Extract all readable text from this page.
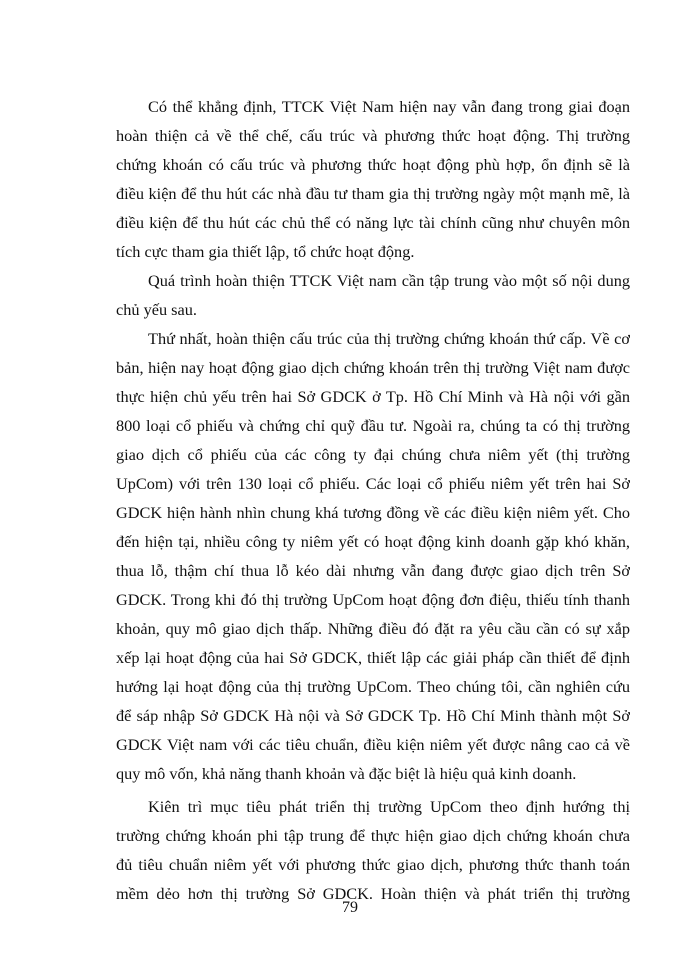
Có thể khẳng định, TTCK Việt Nam hiện nay vẫn đang trong giai đoạn
hoàn thiện cả về thể chế, cấu trúc và phương thức hoạt động. Thị trường
chứng khoán có cấu trúc và phương thức hoạt động phù hợp, ổn định sẽ là
điều kiện để thu hút các nhà đầu tư tham gia thị trường ngày một mạnh mẽ, là
điều kiện để thu hút các chủ thể có năng lực tài chính cũng như chuyên môn
tích cực tham gia thiết lập, tổ chức hoạt động.

Quá trình hoàn thiện TTCK Việt nam cần tập trung vào một số nội dung
chủ yếu sau.

Thứ nhất, hoàn thiện cấu trúc của thị trường chứng khoán thứ cấp. Về cơ
bản, hiện nay hoạt động giao dịch chứng khoán trên thị trường Việt nam được
thực hiện chủ yếu trên hai Sở GDCK ở Tp. Hồ Chí Minh và Hà nội với gần
800 loại cổ phiếu và chứng chỉ quỹ đầu tư. Ngoài ra, chúng ta có thị trường
giao dịch cổ phiếu của các công ty đại chúng chưa niêm yết (thị trường
UpCom) với trên 130 loại cổ phiếu. Các loại cổ phiếu niêm yết trên hai Sở
GDCK hiện hành nhìn chung khá tương đồng về các điều kiện niêm yết. Cho
đến hiện tại, nhiều công ty niêm yết có hoạt động kinh doanh gặp khó khăn,
thua lỗ, thậm chí thua lỗ kéo dài nhưng vẫn đang được giao dịch trên Sở
GDCK. Trong khi đó thị trường UpCom hoạt động đơn điệu, thiếu tính thanh
khoản, quy mô giao dịch thấp. Những điều đó đặt ra yêu cầu cần có sự xắp
xếp lại hoạt động của hai Sở GDCK, thiết lập các giải pháp cần thiết để định
hướng lại hoạt động của thị trường UpCom. Theo chúng tôi, cần nghiên cứu
để sáp nhập Sở GDCK Hà nội và Sở GDCK Tp. Hồ Chí Minh thành một Sở
GDCK Việt nam với các tiêu chuẩn, điều kiện niêm yết được nâng cao cả về
quy mô vốn, khả năng thanh khoản và đặc biệt là hiệu quả kinh doanh.

Kiên trì mục tiêu phát triển thị trường UpCom theo định hướng thị
trường chứng khoán phi tập trung để thực hiện giao dịch chứng khoán chưa
đủ tiêu chuẩn niêm yết với phương thức giao dịch, phương thức thanh toán
mềm dẻo hơn thị trường Sở GDCK. Hoàn thiện và phát triển thị trường

79
